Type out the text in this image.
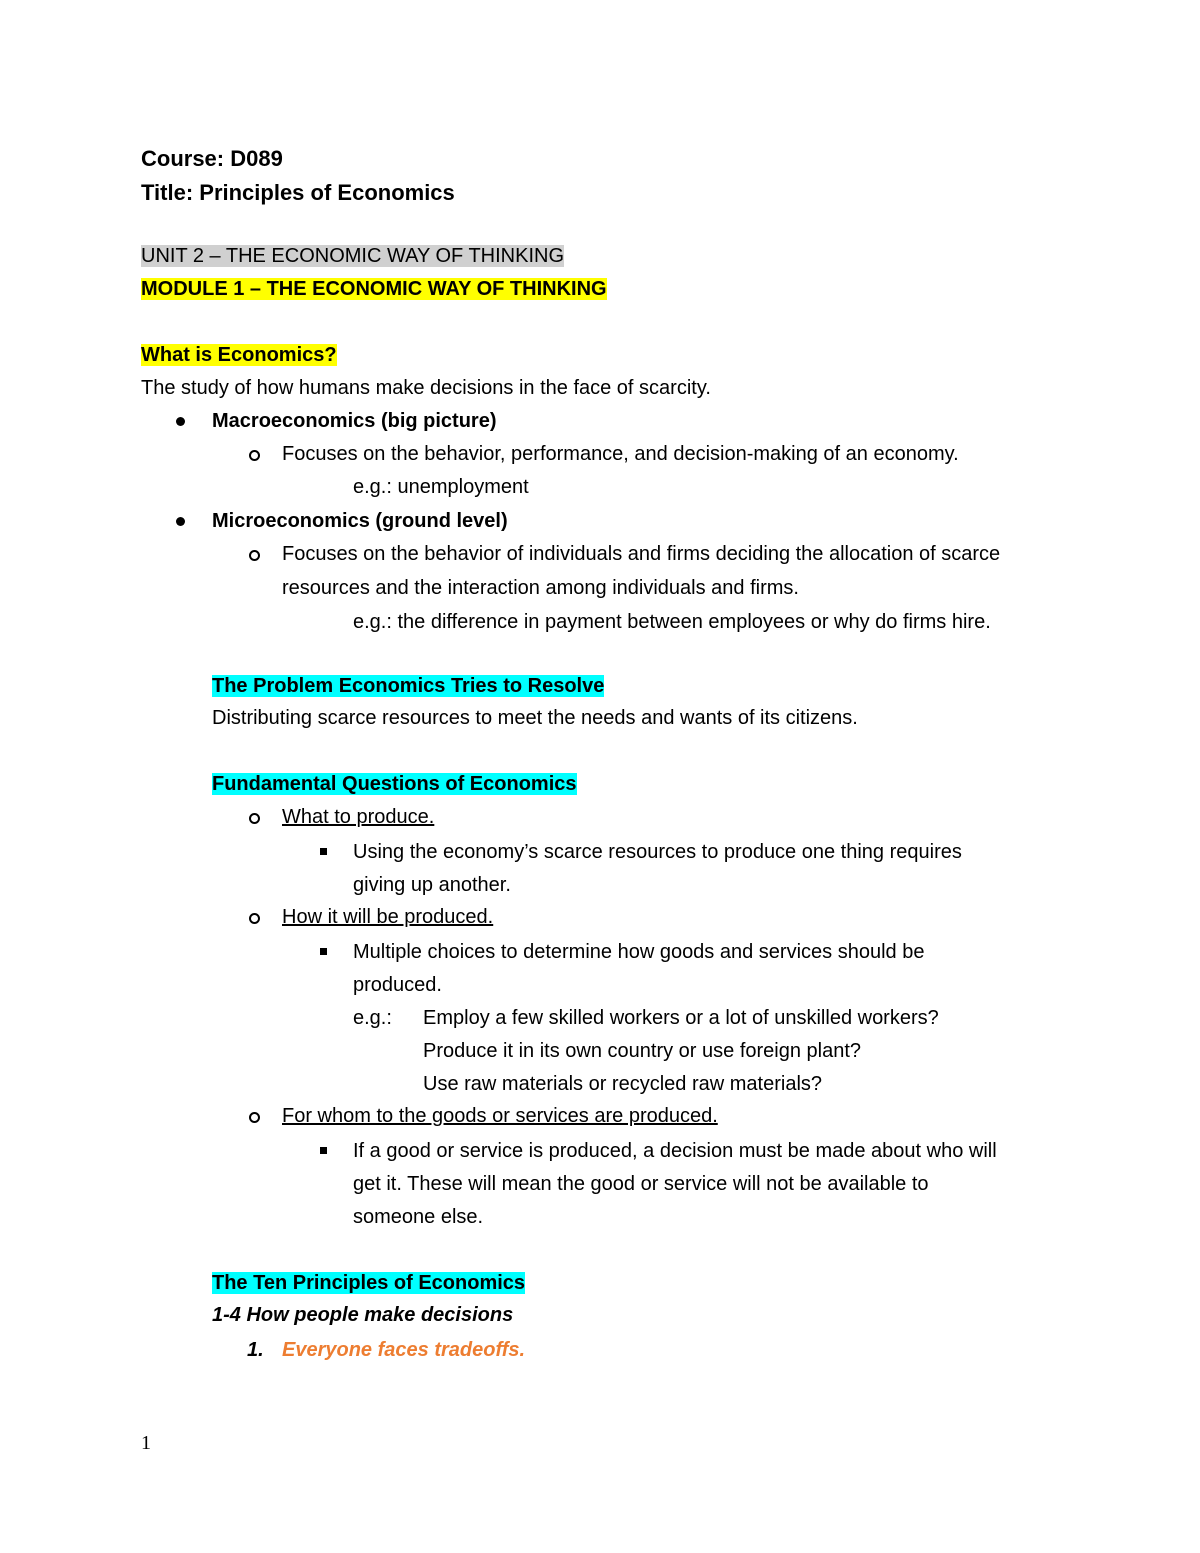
Course: D089
Title: Principles of Economics
UNIT 2 – THE ECONOMIC WAY OF THINKING
MODULE 1 – THE ECONOMIC WAY OF THINKING
What is Economics?
The study of how humans make decisions in the face of scarcity.
Macroeconomics (big picture)
Focuses on the behavior, performance, and decision-making of an economy.
e.g.: unemployment
Microeconomics (ground level)
Focuses on the behavior of individuals and firms deciding the allocation of scarce
resources and the interaction among individuals and firms.
e.g.: the difference in payment between employees or why do firms hire.
The Problem Economics Tries to Resolve
Distributing scarce resources to meet the needs and wants of its citizens.
Fundamental Questions of Economics
What to produce.
Using the economy’s scarce resources to produce one thing requires
giving up another.
How it will be produced.
Multiple choices to determine how goods and services should be
produced.
e.g.: Employ a few skilled workers or a lot of unskilled workers?
Produce it in its own country or use foreign plant?
Use raw materials or recycled raw materials?
For whom to the goods or services are produced.
If a good or service is produced, a decision must be made about who will
get it. These will mean the good or service will not be available to
someone else.
The Ten Principles of Economics
1-4 How people make decisions
1. Everyone faces tradeoffs.
1
